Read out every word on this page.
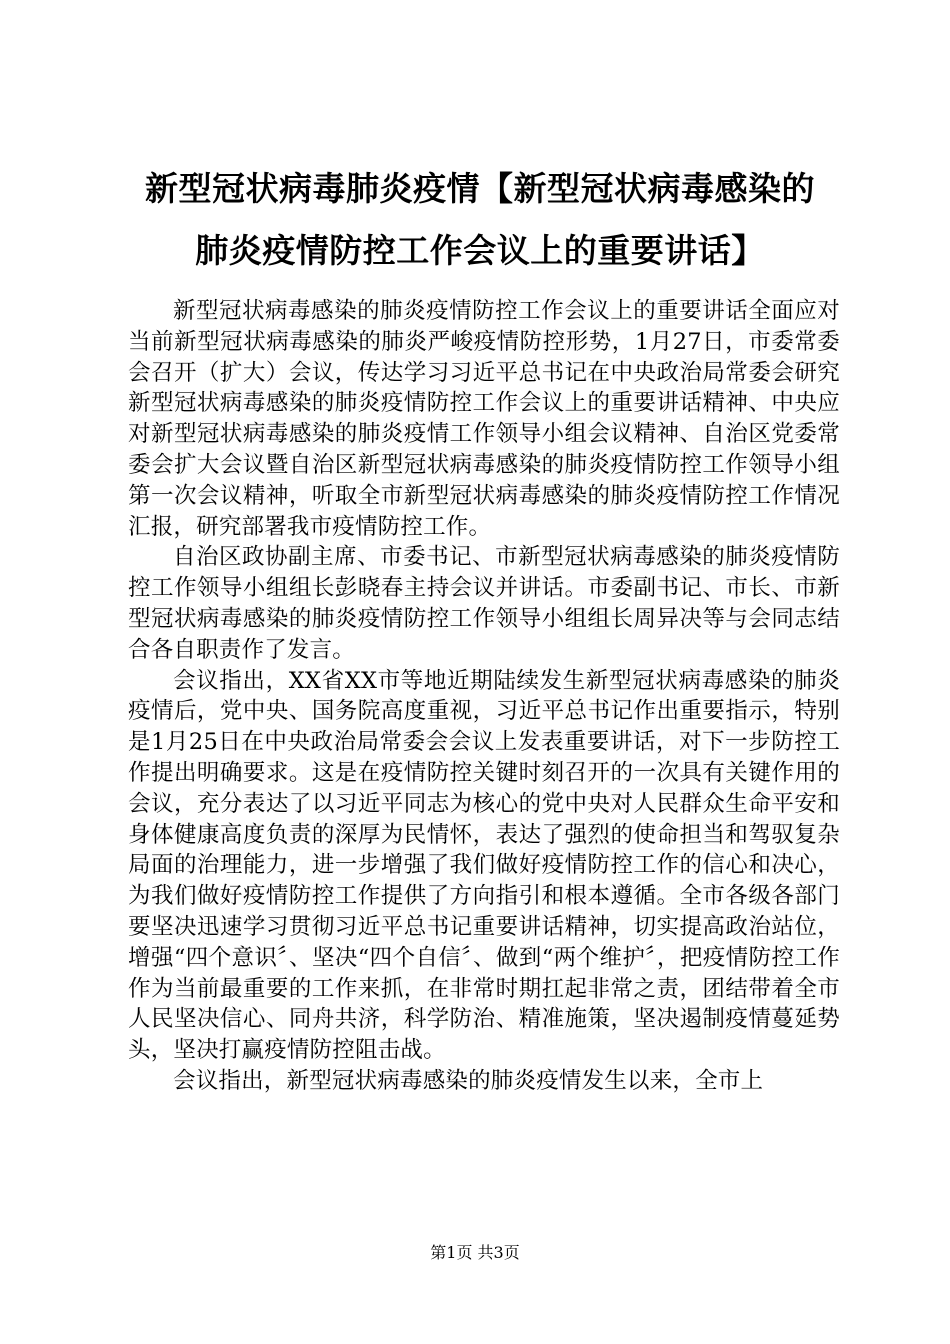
新型冠状病毒肺炎疫情【新型冠状病毒感染的
肺炎疫情防控工作会议上的重要讲话】

新型冠状病毒感染的肺炎疫情防控工作会议上的重要讲话全面应对当前新型冠状病毒感染的肺炎严峻疫情防控形势，1月27日，市委常委会召开（扩大）会议，传达学习习近平总书记在中央政治局常委会研究新型冠状病毒感染的肺炎疫情防控工作会议上的重要讲话精神、中央应对新型冠状病毒感染的肺炎疫情工作领导小组会议精神、自治区党委常委会扩大会议暨自治区新型冠状病毒感染的肺炎疫情防控工作领导小组第一次会议精神，听取全市新型冠状病毒感染的肺炎疫情防控工作情况汇报，研究部署我市疫情防控工作。

自治区政协副主席、市委书记、市新型冠状病毒感染的肺炎疫情防控工作领导小组组长彭晓春主持会议并讲话。市委副书记、市长、市新型冠状病毒感染的肺炎疫情防控工作领导小组组长周异决等与会同志结合各自职责作了发言。

会议指出，XX省XX市等地近期陆续发生新型冠状病毒感染的肺炎疫情后，党中央、国务院高度重视，习近平总书记作出重要指示，特别是1月25日在中央政治局常委会会议上发表重要讲话，对下一步防控工作提出明确要求。这是在疫情防控关键时刻召开的一次具有关键作用的会议，充分表达了以习近平同志为核心的党中央对人民群众生命平安和身体健康高度负责的深厚为民情怀，表达了强烈的使命担当和驾驭复杂局面的治理能力，进一步增强了我们做好疫情防控工作的信心和决心，为我们做好疫情防控工作提供了方向指引和根本遵循。全市各级各部门要坚决迅速学习贯彻习近平总书记重要讲话精神，切实提高政治站位，增强“四个意识〞、坚决“四个自信〞、做到“两个维护〞，把疫情防控工作作为当前最重要的工作来抓，在非常时期扛起非常之责，团结带着全市人民坚决信心、同舟共济，科学防治、精准施策，坚决遏制疫情蔓延势头，坚决打赢疫情防控阻击战。

会议指出，新型冠状病毒感染的肺炎疫情发生以来，全市上

第1页 共3页
